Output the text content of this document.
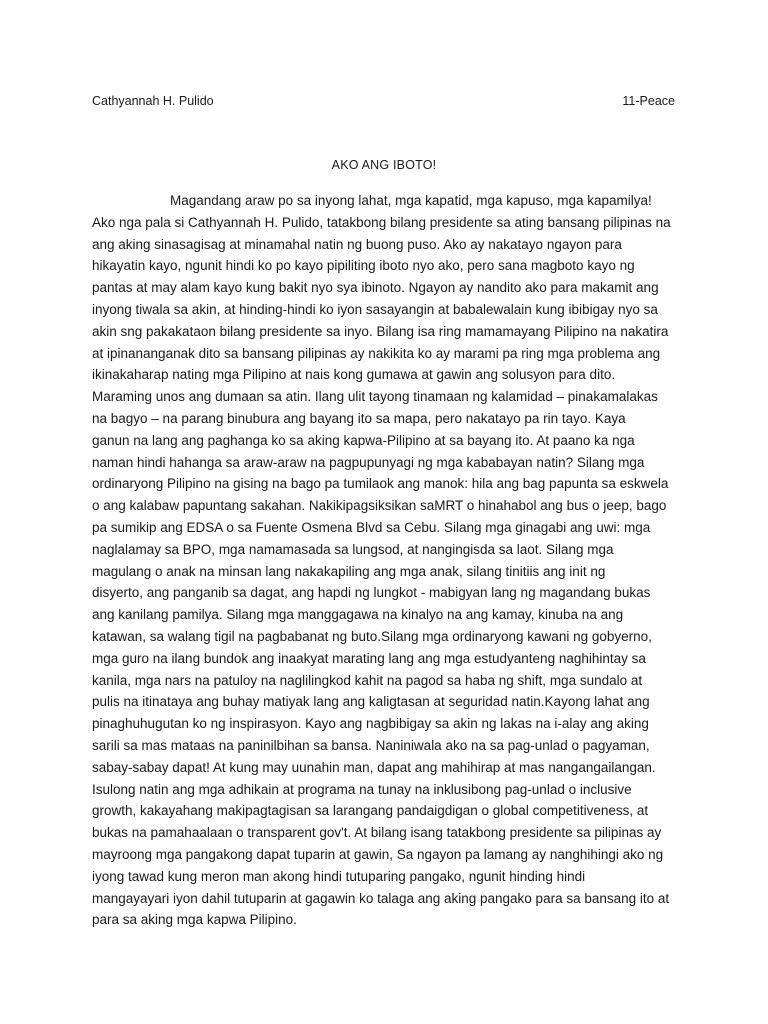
Cathyannah H. Pulido	11-Peace
AKO ANG IBOTO!
Magandang araw po sa inyong lahat, mga kapatid, mga kapuso, mga kapamilya!
Ako nga pala si Cathyannah H. Pulido, tatakbong bilang presidente sa ating bansang pilipinas na
ang aking sinasagisag at minamahal natin ng buong puso. Ako ay nakatayo ngayon para
hikayatin kayo, ngunit hindi ko po kayo pipiliting iboto nyo ako, pero sana magboto kayo ng
pantas at may alam kayo kung bakit nyo sya ibinoto. Ngayon ay nandito ako para makamit ang
inyong tiwala sa akin, at hinding-hindi ko iyon sasayangin at babalewalain kung ibibigay nyo sa
akin sng pakakataon bilang presidente sa inyo. Bilang isa ring mamamayang Pilipino na nakatira
at ipinananganak dito sa bansang pilipinas ay nakikita ko ay marami pa ring mga problema ang
ikinakaharap nating mga Pilipino at nais kong gumawa at gawin ang solusyon para dito.
Maraming unos ang dumaan sa atin. Ilang ulit tayong tinamaan ng kalamidad – pinakamalakas
na bagyo – na parang binubura ang bayang ito sa mapa, pero nakatayo pa rin tayo. Kaya
ganun na lang ang paghanga ko sa aking kapwa-Pilipino at sa bayang ito. At paano ka nga
naman hindi hahanga sa araw-araw na pagpupunyagi ng mga kababayan natin? Silang mga
ordinaryong Pilipino na gising na bago pa tumilaok ang manok: hila ang bag papunta sa eskwela
o ang kalabaw papuntang sakahan. Nakikipagsiksikan saMRT o hinahabol ang bus o jeep, bago
pa sumikip ang EDSA o sa Fuente Osmena Blvd sa Cebu. Silang mga ginagabi ang uwi: mga
naglalamay sa BPO, mga namamasada sa lungsod, at nangingisda sa laot. Silang mga
magulang o anak na minsan lang nakakapiling ang mga anak, silang tinitiis ang init ng
disyerto, ang panganib sa dagat, ang hapdi ng lungkot - mabigyan lang ng magandang bukas
ang kanilang pamilya. Silang mga manggagawa na kinalyo na ang kamay, kinuba na ang
katawan, sa walang tigil na pagbabanat ng buto.Silang mga ordinaryong kawani ng gobyerno,
mga guro na ilang bundok ang inaakyat marating lang ang mga estudyanteng naghihintay sa
kanila, mga nars na patuloy na naglilingkod kahit na pagod sa haba ng shift, mga sundalo at
pulis na itinataya ang buhay matiyak lang ang kaligtasan at seguridad natin.Kayong lahat ang
pinaghuhugutan ko ng inspirasyon. Kayo ang nagbibigay sa akin ng lakas na i-alay ang aking
sarili sa mas mataas na paninilbihan sa bansa. Naniniwala ako na sa pag-unlad o pagyaman,
sabay-sabay dapat! At kung may uunahin man, dapat ang mahihirap at mas nangangailangan.
Isulong natin ang mga adhikain at programa na tunay na inklusibong pag-unlad o inclusive
growth, kakayahang makipagtagisan sa larangang pandaigdigan o global competitiveness, at
bukas na pamahaalaan o transparent gov't. At bilang isang tatakbong presidente sa pilipinas ay
mayroong mga pangakong dapat tuparin at gawin, Sa ngayon pa lamang ay nanghihingi ako ng
iyong tawad kung meron man akong hindi tutuparing pangako, ngunit hinding hindi
mangayayari iyon dahil tutuparin at gagawin ko talaga ang aking pangako para sa bansang ito at
para sa aking mga kapwa Pilipino.
